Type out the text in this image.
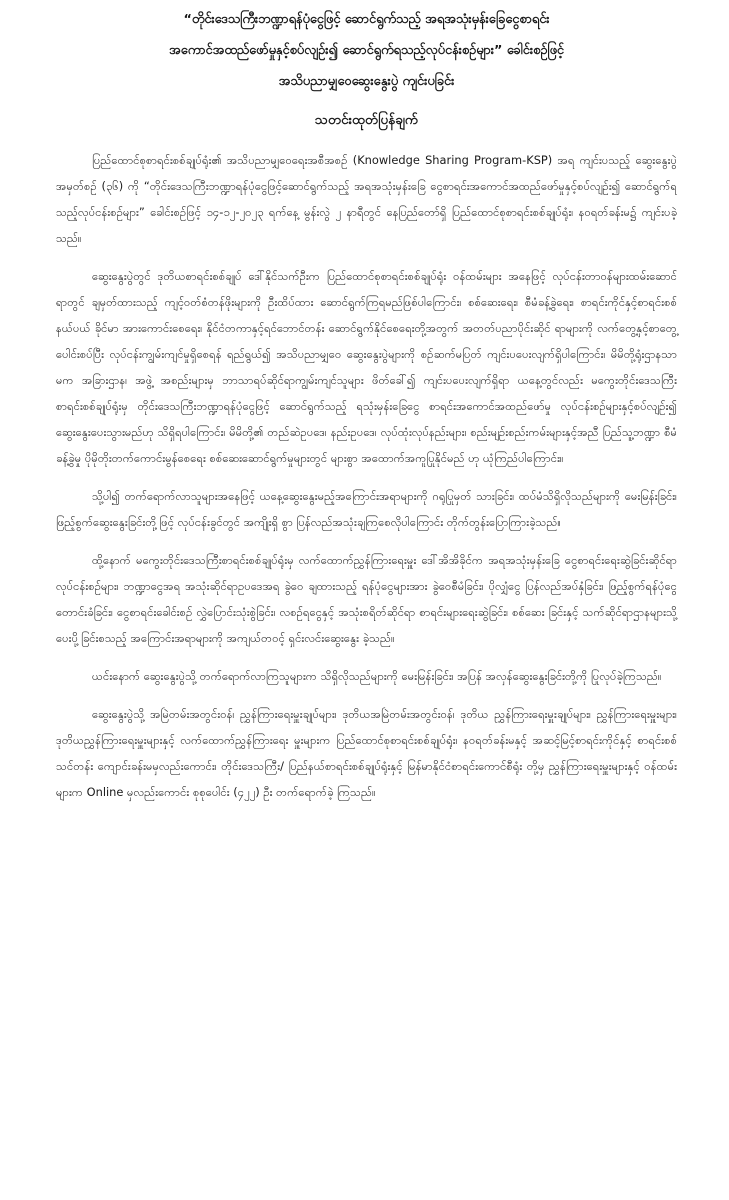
“တိုင်းဒေသကြီးဘဏ္ဍာရန်ပုံငွေဖြင့် ဆောင်ရွက်သည့် အရအသုံးမှန်းခြေငွေစာရင်း

အကောင်အထည်ဖော်မှုနှင့်စပ်လျဉ်း၍ ဆောင်ရွက်ရသည့်လုပ်ငန်းစဉ်များ” ခေါင်းစဉ်ဖြင့်

အသိပညာမျှဝေဆွေးနွေးပွဲ ကျင်းပခြင်း

သတင်းထုတ်ပြန်ချက်

ပြည်ထောင်စုစာရင်းစစ်ချုပ်ရုံး၏ အသိပညာမျှဝေရေးအစီအစဉ် (Knowledge Sharing Program-KSP) အရ ကျင်းပသည့် ဆွေးနွေးပွဲအမှတ်စဉ် (၃၆) ကို “တိုင်းဒေသကြီးဘဏ္ဍာရန်ပုံငွေဖြင့်ဆောင်ရွက်သည့် အရအသုံးမှန်းခြေ ငွေစာရင်းအကောင်အထည်ဖော်မှုနှင့်စပ်လျဉ်း၍ ဆောင်ရွက်ရသည့်လုပ်ငန်းစဉ်များ” ခေါင်းစဉ်ဖြင့် ၁၄-၁၂-၂၀၂၃ ရက်နေ့ မွန်းလွဲ ၂ နာရီတွင် နေပြည်တော်ရှိ ပြည်ထောင်စုစာရင်းစစ်ချုပ်ရုံး၊ နဝရတ်ခန်းမ၌ ကျင်းပခဲ့သည်။

ဆွေးနွေးပွဲတွင် ဒုတိယစာရင်းစစ်ချုပ် ဒေါ်နိုင်သက်ဦးက ပြည်ထောင်စုစာရင်းစစ်ချုပ်ရုံး ဝန်ထမ်းများ အနေဖြင့် လုပ်ငန်းတာဝန်များထမ်းဆောင်ရာတွင် ချမှတ်ထားသည့် ကျင့်ဝတ်စံတန်ဖိုးများကို ဦးထိပ်ထား ဆောင်ရွက်ကြရမည်ဖြစ်ပါကြောင်း၊ စစ်ဆေးရေး၊ စီမံခန့်ခွဲရေး၊ စာရင်းကိုင်နှင့်စာရင်းစစ်နယ်ပယ် ခိုင်မာ အားကောင်းစေရေး၊ နိုင်ငံတကာနှင့်ရင်ဘောင်တန်း ဆောင်ရွက်နိုင်စေရေးတို့အတွက် အတတ်ပညာပိုင်းဆိုင် ရာများကို လက်တွေ့နှင့်စာတွေ့ပေါင်းစပ်ပြီး လုပ်ငန်းကျွမ်းကျင်မှုရှိစေရန် ရည်ရွယ်၍ အသိပညာမျှဝေ ဆွေးနွေးပွဲများကို စဉ်ဆက်မပြတ် ကျင်းပပေးလျက်ရှိပါကြောင်း၊ မိမိတို့ရုံးဌာနသာမက အခြားဌာန၊ အဖွဲ့ အစည်းများမှ ဘာသာရပ်ဆိုင်ရာကျွမ်းကျင်သူများ ဖိတ်ခေါ်၍ ကျင်းပပေးလျက်ရှိရာ ယနေ့တွင်လည်း မကွေးတိုင်းဒေသကြီးစာရင်းစစ်ချုပ်ရုံးမှ တိုင်းဒေသကြီးဘဏ္ဍာရန်ပုံငွေဖြင့် ဆောင်ရွက်သည့် ရသုံးမှန်းခြေငွေ စာရင်းအကောင်အထည်ဖော်မှု လုပ်ငန်းစဉ်များနှင့်စပ်လျဉ်း၍ ဆွေးနွေးပေးသွားမည်ဟု သိရှိရပါကြောင်း၊ မိမိတို့၏ တည်ဆဲဥပဒေ၊ နည်းဥပဒေ၊ လုပ်ထုံးလုပ်နည်းများ၊ စည်းမျဉ်းစည်းကမ်းများနှင့်အညီ ပြည်သူ့ဘဏ္ဍာ စီမံခန့်ခွဲမှု ပိုမိုတိုးတက်ကောင်းမွန်စေရေး စစ်ဆေးဆောင်ရွက်မှုများတွင် များစွာ အထောက်အကူပြုနိုင်မည် ဟု ယုံကြည်ပါကြောင်း။

သို့ပါ၍ တက်ရောက်လာသူများအနေဖြင့် ယနေ့ဆွေးနွေးမည့်အကြောင်းအရာများကို ဂရုပြုမှတ် သားခြင်း၊ ထပ်မံသိရှိလိုသည်များကို မေးမြန်းခြင်း၊ ဖြည့်စွက်ဆွေးနွေးခြင်းတို့ဖြင့် လုပ်ငန်းခွင်တွင် အကျိုးရှိ စွာ ပြန်လည်အသုံးချကြစေလိုပါကြောင်း တိုက်တွန်းပြောကြားခဲ့သည်။

ထို့နောက် မကွေးတိုင်းဒေသကြီးစာရင်းစစ်ချုပ်ရုံးမှ လက်ထောက်ညွှန်ကြားရေးမှူး ဒေါ်အိအိခိုင်က အရအသုံးမှန်းခြေ ငွေစာရင်းရေးဆွဲခြင်းဆိုင်ရာလုပ်ငန်းစဉ်များ၊ ဘဏ္ဍာငွေအရ အသုံးဆိုင်ရာဥပဒေအရ ခွဲဝေ ချထားသည့် ရန်ပုံငွေများအား ခွဲဝေစီမံခြင်း၊ ပိုလျှံငွေ ပြန်လည်အပ်နှံခြင်း၊ ဖြည့်စွက်ရန်ပုံငွေတောင်းခံခြင်း၊ ငွေစာရင်းခေါင်းစဉ် လွှဲပြောင်းသုံးစွဲခြင်း၊ လစဉ်ရငွေနှင့် အသုံးစရိတ်ဆိုင်ရာ စာရင်းများရေးဆွဲခြင်း၊ စစ်ဆေး ခြင်းနှင့် သက်ဆိုင်ရာဌာနများသို့ ပေးပို့ခြင်းစသည့် အကြောင်းအရာများကို အကျယ်တဝင့် ရှင်းလင်းဆွေးနွေး ခဲ့သည်။

ယင်းနောက် ဆွေးနွေးပွဲသို့ တက်ရောက်လာကြသူများက သိရှိလိုသည်များကို မေးမြန်းခြင်း၊ အပြန် အလှန်ဆွေးနွေးခြင်းတို့ကို ပြုလုပ်ခဲ့ကြသည်။

ဆွေးနွေးပွဲသို့ အမြဲတမ်းအတွင်းဝန်၊ ညွှန်ကြားရေးမှူးချုပ်များ၊ ဒုတိယအမြဲတမ်းအတွင်းဝန်၊ ဒုတိယ ညွှန်ကြားရေးမှူးချုပ်များ၊ ညွှန်ကြားရေးမှူးများ၊ ဒုတိယညွှန်ကြားရေးမှူးများနှင့် လက်ထောက်ညွှန်ကြားရေး မှူးများက ပြည်ထောင်စုစာရင်းစစ်ချုပ်ရုံး၊ နဝရတ်ခန်းမနှင့် အဆင့်မြင့်စာရင်းကိုင်နှင့် စာရင်းစစ်သင်တန်း ကျောင်းခန်းမမှလည်းကောင်း၊ တိုင်းဒေသကြီး/ ပြည်နယ်စာရင်းစစ်ချုပ်ရုံးနှင့် မြန်မာနိုင်ငံစာရင်းကောင်စီရုံး တို့မှ ညွှန်ကြားရေးမှူးများနှင့် ဝန်ထမ်းများက Online မှလည်းကောင်း စုစုပေါင်း (၄၂၂) ဦး တက်ရောက်ခဲ့ ကြသည်။
